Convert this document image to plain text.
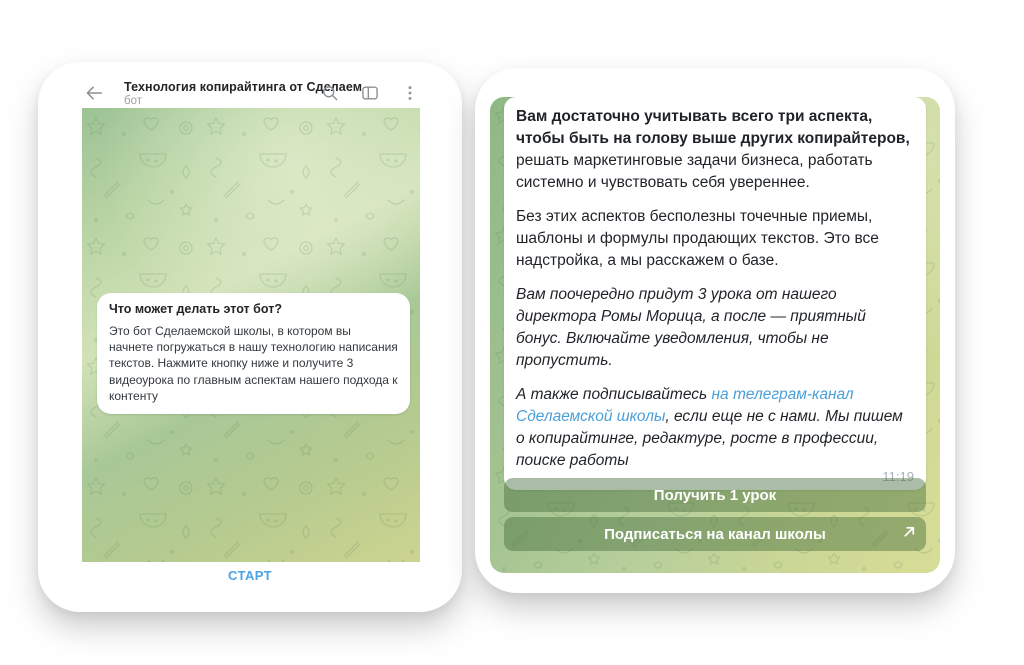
Технология копирайтинга от Сделаем
бот
Что может делать этот бот?
Это бот Сделаемской школы, в котором вы начнете погружаться в нашу технологию написания текстов. Нажмите кнопку ниже и получите 3 видеоурока по главным аспектам нашего подхода к контенту
СТАРТ

Вам достаточно учитывать всего три аспекта, чтобы быть на голову выше других копирайтеров, решать маркетинговые задачи бизнеса, работать системно и чувствовать себя увереннее.

Без этих аспектов бесполезны точечные приемы, шаблоны и формулы продающих текстов. Это все надстройка, а мы расскажем о базе.

Вам поочередно придут 3 урока от нашего директора Ромы Морица, а после — приятный бонус. Включайте уведомления, чтобы не пропустить.

А также подписывайтесь на телеграм-канал Сделаемской школы, если еще не с нами. Мы пишем о копирайтинге, редактуре, росте в профессии, поиске работы

11:19
Получить 1 урок
Подписаться на канал школы
